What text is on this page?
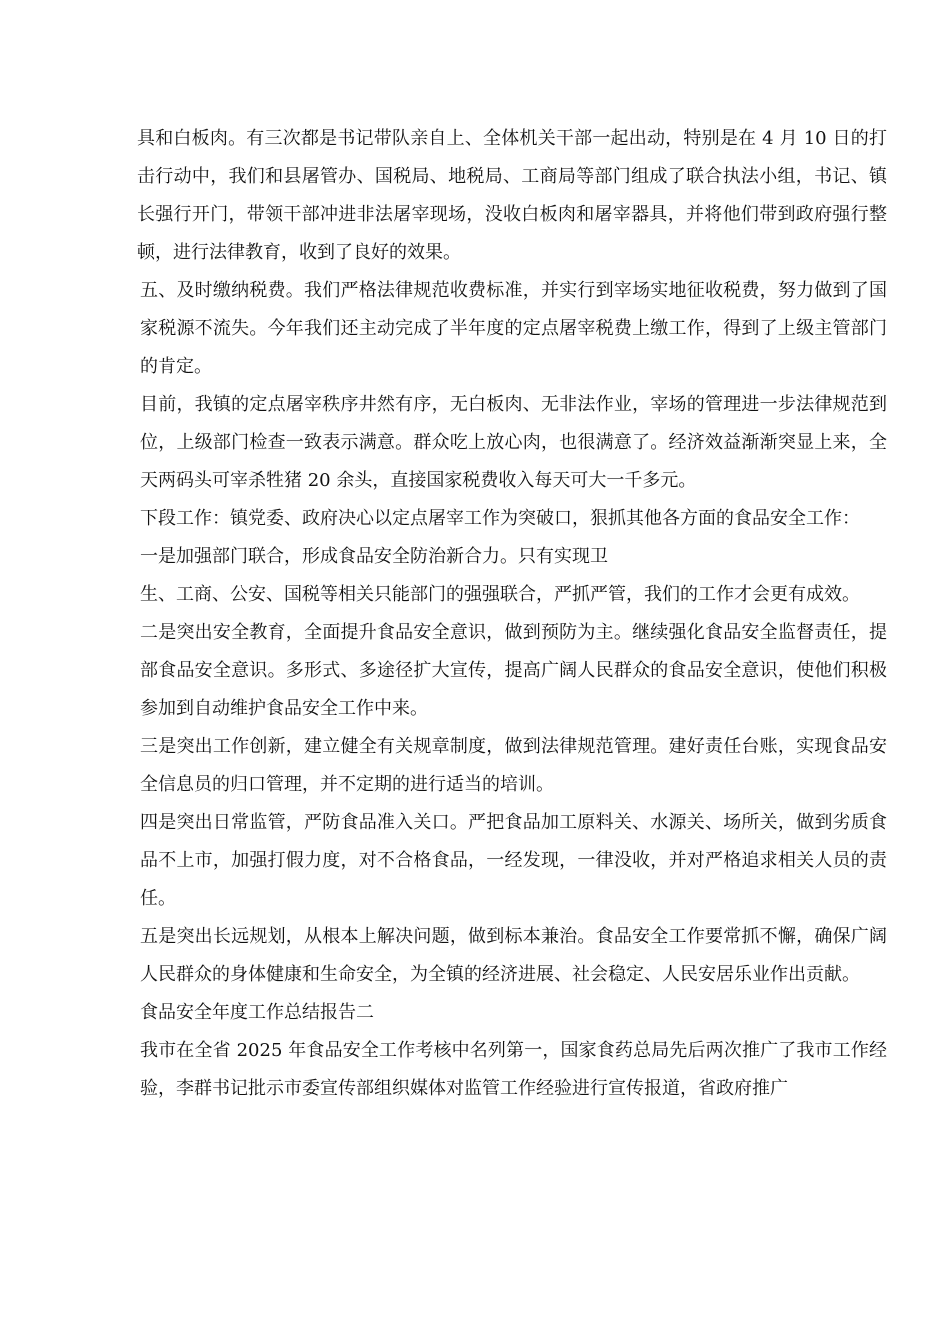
具和白板肉。有三次都是书记带队亲自上、全体机关干部一起出动，特别是在 4 月 10 日的打击行动中，我们和县屠管办、国税局、地税局、工商局等部门组成了联合执法小组，书记、镇长强行开门，带领干部冲进非法屠宰现场，没收白板肉和屠宰器具，并将他们带到政府强行整顿，进行法律教育，收到了良好的效果。

五、及时缴纳税费。我们严格法律规范收费标准，并实行到宰场实地征收税费，努力做到了国家税源不流失。今年我们还主动完成了半年度的定点屠宰税费上缴工作，得到了上级主管部门的肯定。

目前，我镇的定点屠宰秩序井然有序，无白板肉、无非法作业，宰场的管理进一步法律规范到位，上级部门检查一致表示满意。群众吃上放心肉，也很满意了。经济效益渐渐突显上来，全天两码头可宰杀牲猪 20 余头，直接国家税费收入每天可大一千多元。

下段工作：镇党委、政府决心以定点屠宰工作为突破口，狠抓其他各方面的食品安全工作：

一是加强部门联合，形成食品安全防治新合力。只有实现卫

生、工商、公安、国税等相关只能部门的强强联合，严抓严管，我们的工作才会更有成效。

二是突出安全教育，全面提升食品安全意识，做到预防为主。继续强化食品安全监督责任，提部食品安全意识。多形式、多途径扩大宣传，提高广阔人民群众的食品安全意识，使他们积极参加到自动维护食品安全工作中来。

三是突出工作创新，建立健全有关规章制度，做到法律规范管理。建好责任台账，实现食品安全信息员的归口管理，并不定期的进行适当的培训。

四是突出日常监管，严防食品准入关口。严把食品加工原料关、水源关、场所关，做到劣质食品不上市，加强打假力度，对不合格食品，一经发现，一律没收，并对严格追求相关人员的责任。

五是突出长远规划，从根本上解决问题，做到标本兼治。食品安全工作要常抓不懈，确保广阔人民群众的身体健康和生命安全，为全镇的经济进展、社会稳定、人民安居乐业作出贡献。

食品安全年度工作总结报告二

我市在全省 2025 年食品安全工作考核中名列第一，国家食药总局先后两次推广了我市工作经验，李群书记批示市委宣传部组织媒体对监管工作经验进行宣传报道，省政府推广
